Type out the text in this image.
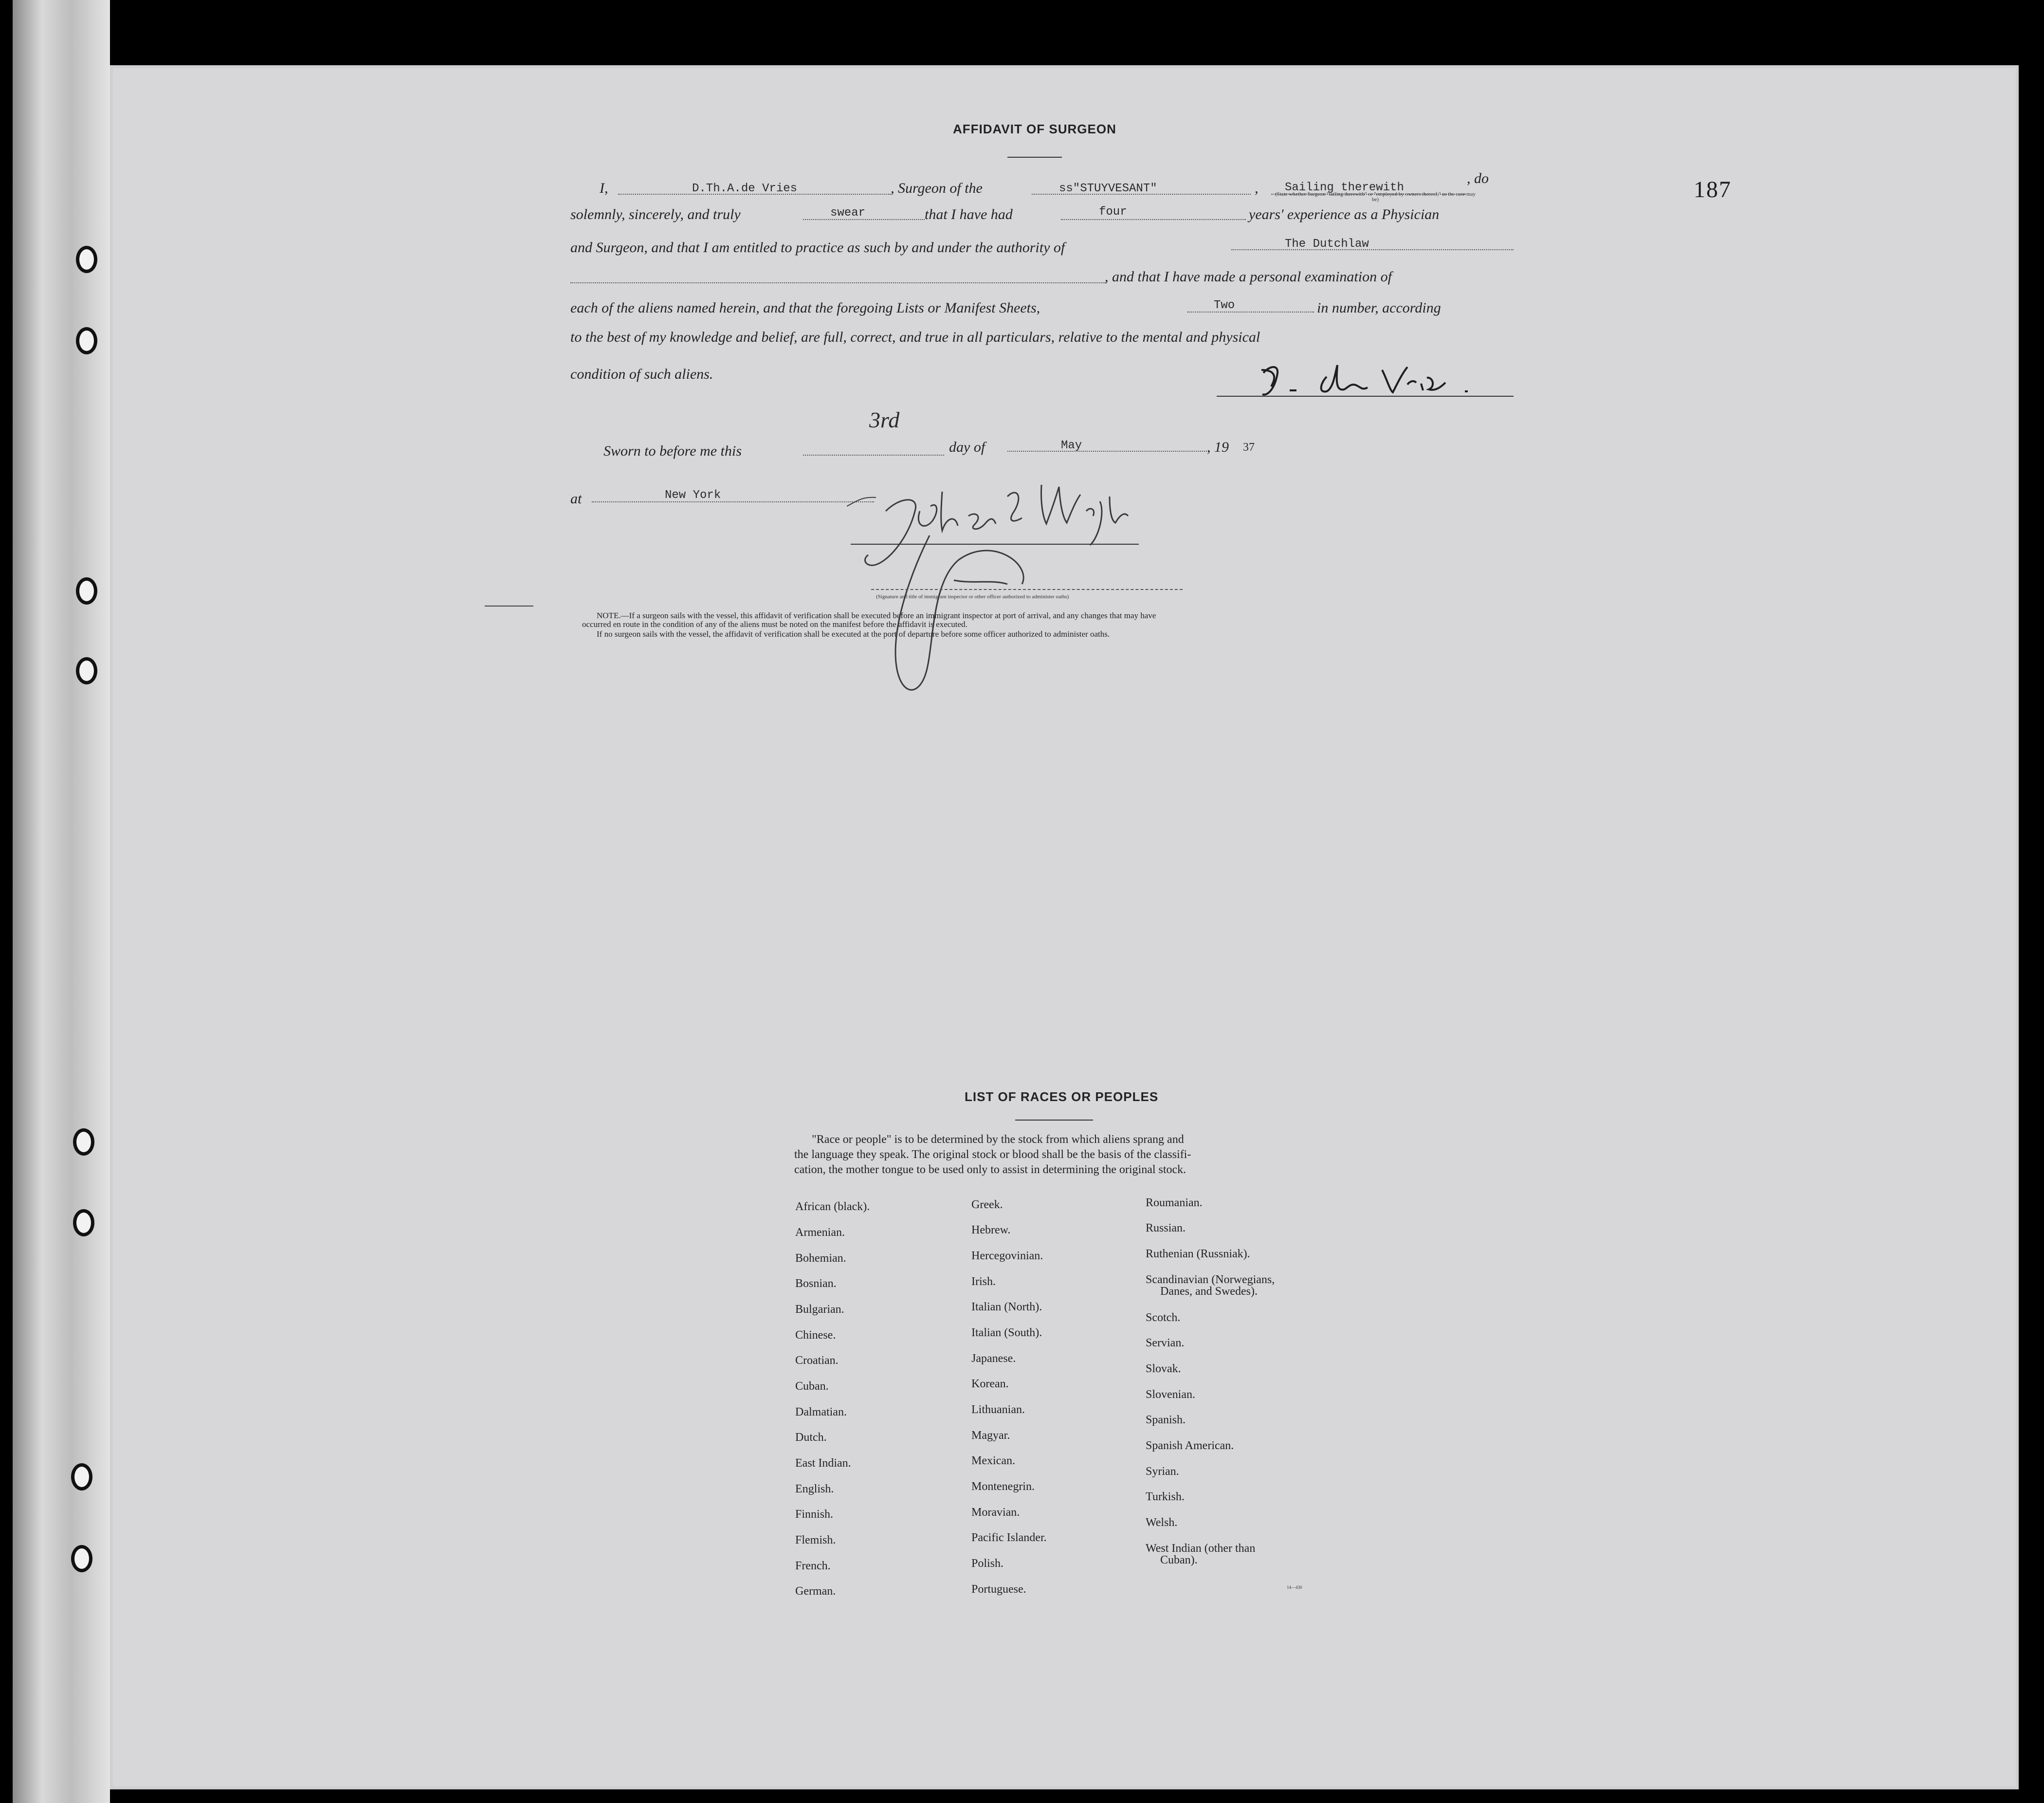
187
AFFIDAVIT OF SURGEON
I,	D.Th.A.de Vries	, Surgeon of the	ss"STUYVESANT"	, Sailing therewith
, do
(State whether Surgeon "sailing therewith" or "employed by owners thereof," as the case may be)
solemnly, sincerely, and truly	swear	that I have had	four	years' experience as a Physician
and Surgeon, and that I am entitled to practice as such by and under the authority of	The Dutchlaw
, and that I have made a personal examination of
each of the aliens named herein, and that the foregoing Lists or Manifest Sheets,	Two	in number, according
to the best of my knowledge and belief, are full, correct, and true in all particulars, relative to the mental and physical
condition of such aliens.
Sworn to before me this
3rd
day of	May	, 19 37
at	New York
(Signature and title of immigrant inspector or other officer authorized to administer oaths)
NOTE.—If a surgeon sails with the vessel, this affidavit of verification shall be executed before an immigrant inspector at port of arrival, and any changes that may have
occurred en route in the condition of any of the aliens must be noted on the manifest before the affidavit is executed.
If no surgeon sails with the vessel, the affidavit of verification shall be executed at the port of departure before some officer authorized to administer oaths.
LIST OF RACES OR PEOPLES
"Race or people" is to be determined by the stock from which aliens sprang and
the language they speak. The original stock or blood shall be the basis of the classifi-
cation, the mother tongue to be used only to assist in determining the original stock.
African (black).
Armenian.
Bohemian.
Bosnian.
Bulgarian.
Chinese.
Croatian.
Cuban.
Dalmatian.
Dutch.
East Indian.
English.
Finnish.
Flemish.
French.
German.
Greek.
Hebrew.
Hercegovinian.
Irish.
Italian (North).
Italian (South).
Japanese.
Korean.
Lithuanian.
Magyar.
Mexican.
Montenegrin.
Moravian.
Pacific Islander.
Polish.
Portuguese.
Roumanian.
Russian.
Ruthenian (Russniak).
Scandinavian (Norwegians,
Danes, and Swedes).
Scotch.
Servian.
Slovak.
Slovenian.
Spanish.
Spanish American.
Syrian.
Turkish.
Welsh.
West Indian (other than
Cuban).
14—430
